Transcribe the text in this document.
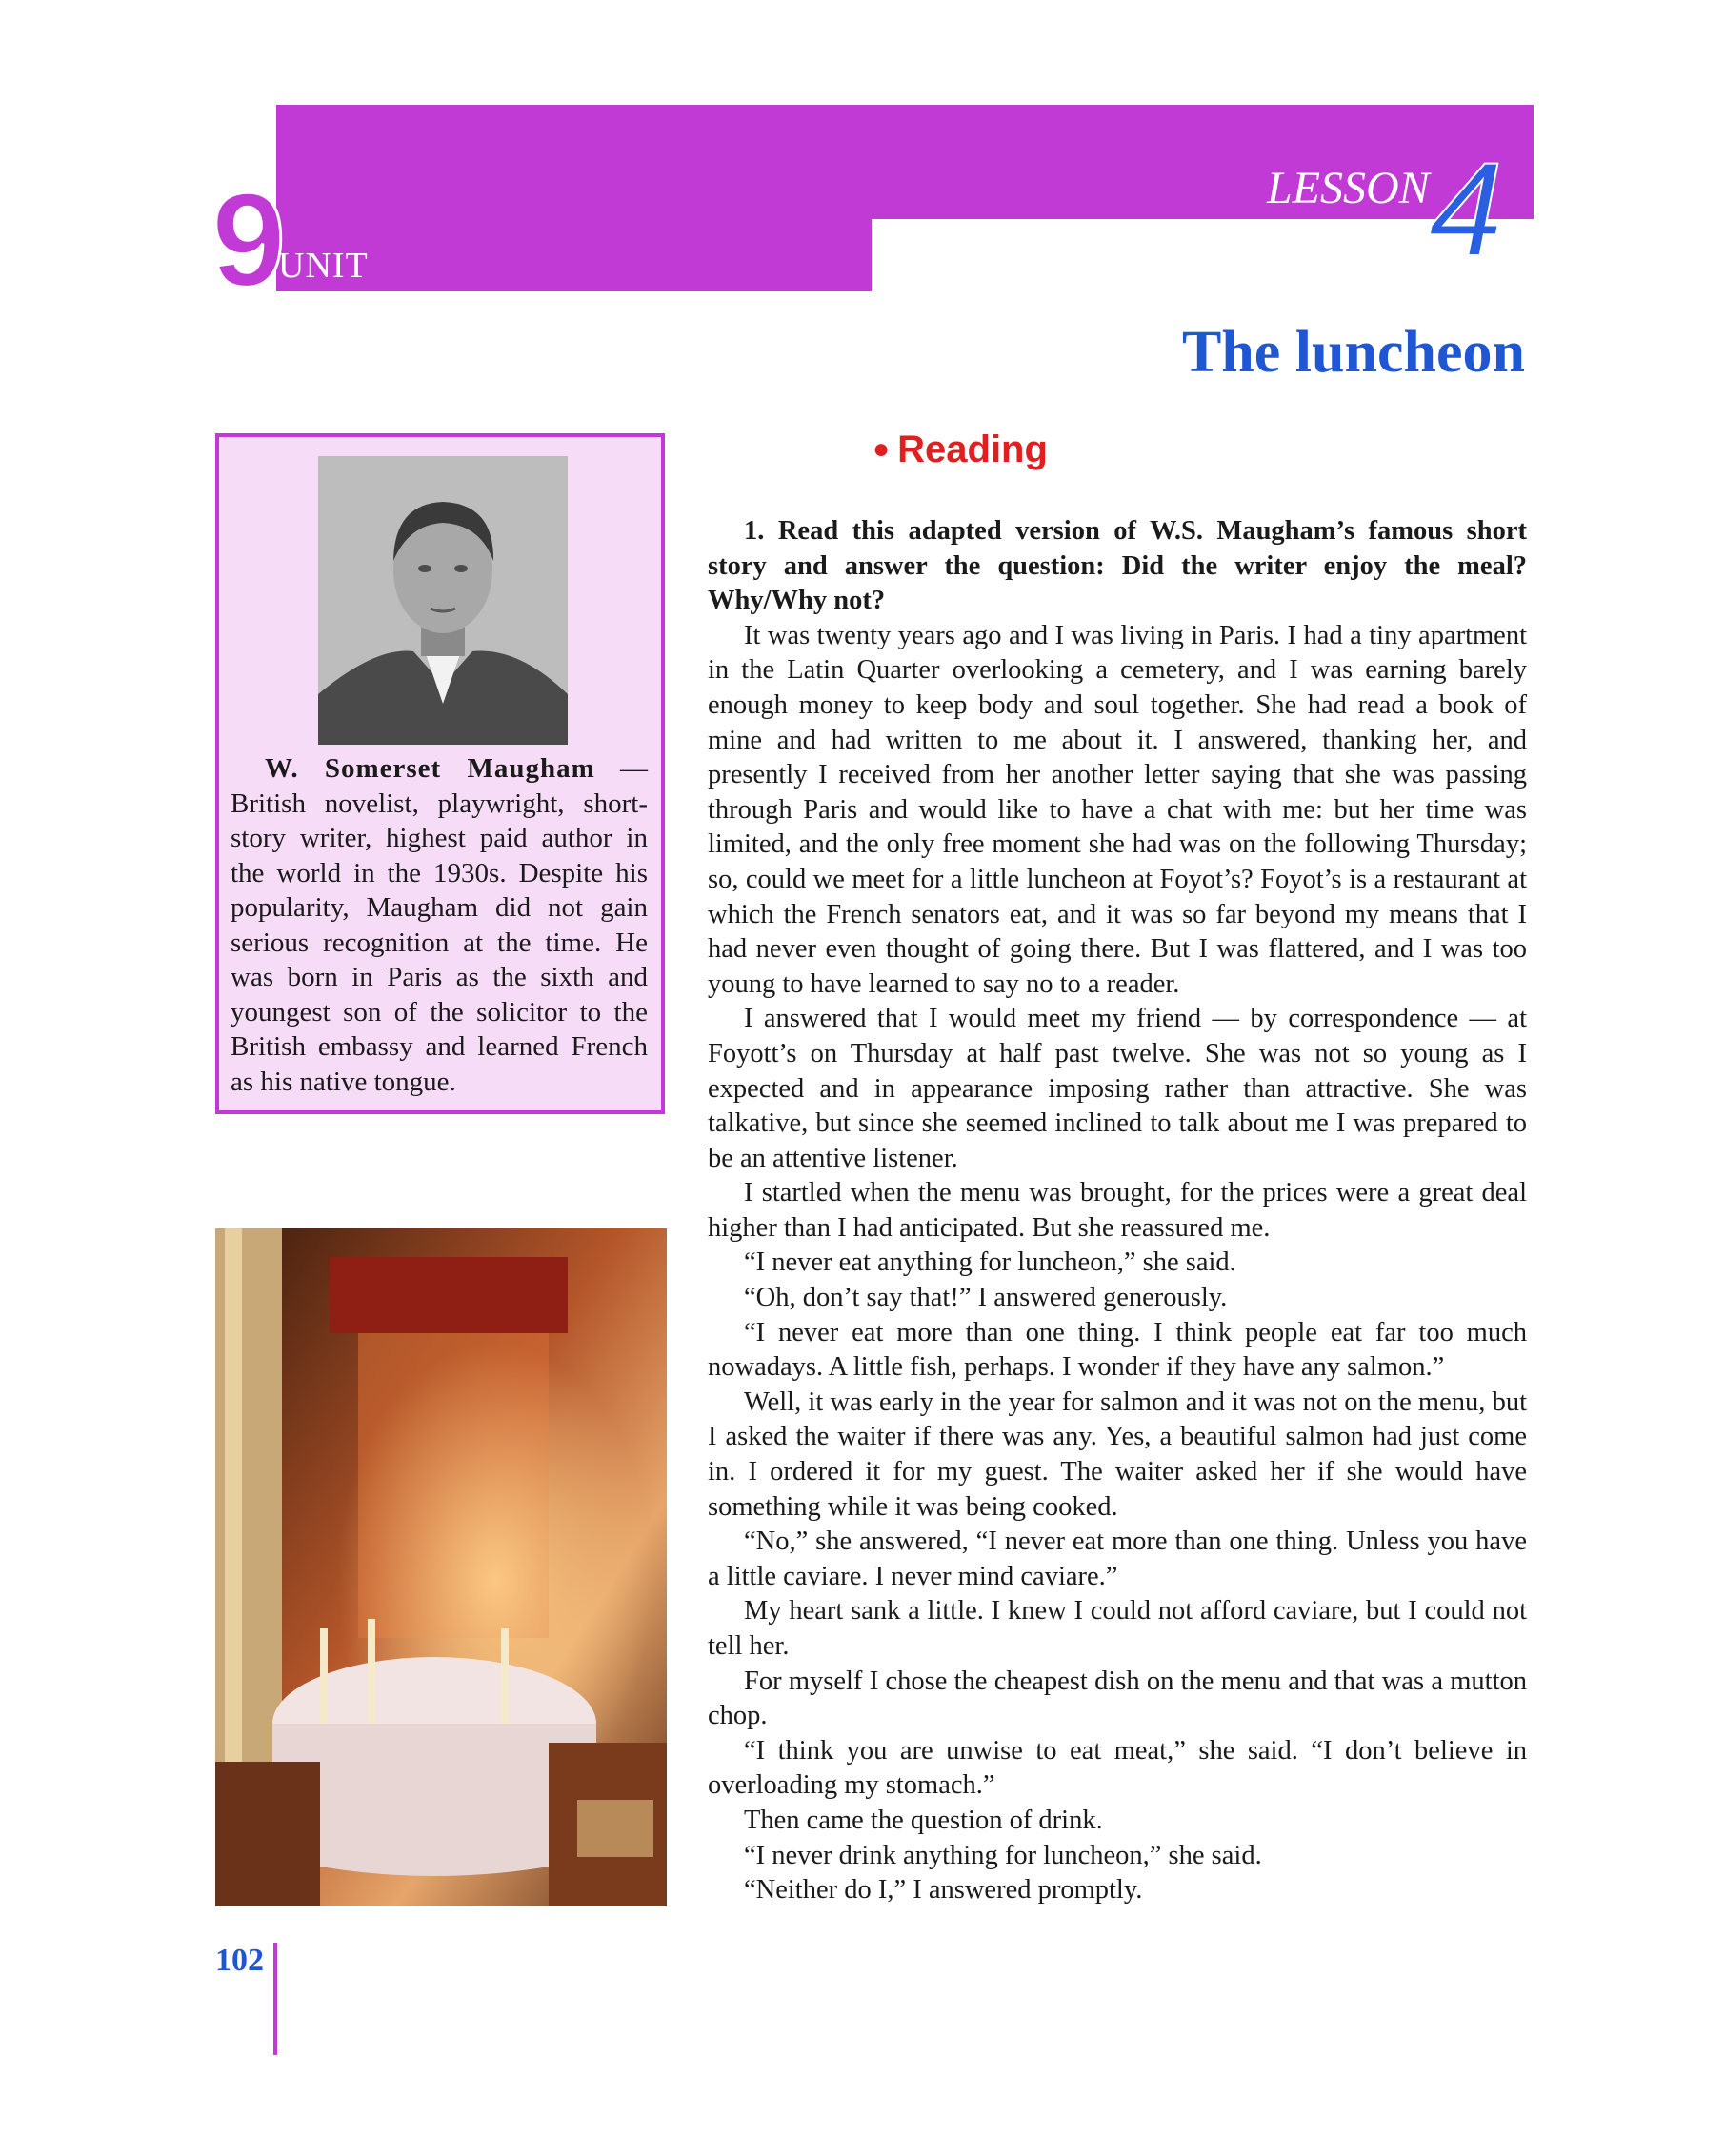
9
UNIT
LESSON 4
The luncheon

W. Somerset Maugham — British novelist, playwright, short-story writer, highest paid author in the world in the 1930s. Despite his popularity, Maugham did not gain serious recognition at the time. He was born in Paris as the sixth and youngest son of the solicitor to the British embassy and learned French as his native tongue.

● Reading

1. Read this adapted version of W.S. Maugham’s famous short story and answer the question: Did the writer enjoy the meal? Why/Why not?

It was twenty years ago and I was living in Paris. I had a tiny apartment in the Latin Quarter overlooking a cemetery, and I was earning barely enough money to keep body and soul together. She had read a book of mine and had written to me about it. I answered, thanking her, and presently I received from her another letter saying that she was passing through Paris and would like to have a chat with me: but her time was limited, and the only free moment she had was on the following Thursday; so, could we meet for a little luncheon at Foyot’s? Foyot’s is a restaurant at which the French senators eat, and it was so far beyond my means that I had never even thought of going there. But I was flattered, and I was too young to have learned to say no to a reader.

I answered that I would meet my friend — by correspondence — at Foyott’s on Thursday at half past twelve. She was not so young as I expected and in appearance imposing rather than attractive. She was talkative, but since she seemed inclined to talk about me I was prepared to be an attentive listener.

I startled when the menu was brought, for the prices were a great deal higher than I had anticipated. But she reassured me.

“I never eat anything for luncheon,” she said.

“Oh, don’t say that!” I answered generously.

“I never eat more than one thing. I think people eat far too much nowadays. A little fish, perhaps. I wonder if they have any salmon.”

Well, it was early in the year for salmon and it was not on the menu, but I asked the waiter if there was any. Yes, a beautiful salmon had just come in. I ordered it for my guest. The waiter asked her if she would have something while it was being cooked.

“No,” she answered, “I never eat more than one thing. Unless you have a little caviare. I never mind caviare.”

My heart sank a little. I knew I could not afford caviare, but I could not tell her.

For myself I chose the cheapest dish on the menu and that was a mutton chop.

“I think you are unwise to eat meat,” she said. “I don’t believe in overloading my stomach.”

Then came the question of drink.

“I never drink anything for luncheon,” she said.

“Neither do I,” I answered promptly.

102
